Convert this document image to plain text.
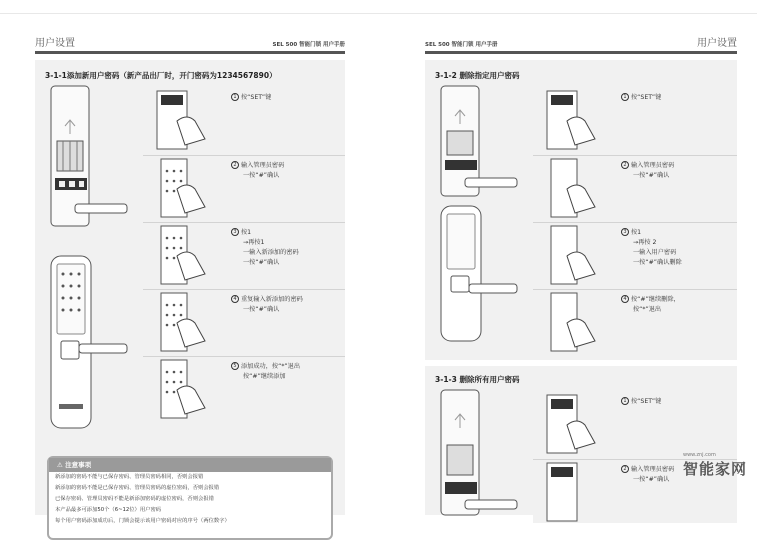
用户设置	SEL 500 智能门锁 用户手册
3-1-1添加新用户密码（新产品出厂时，开门密码为1234567890）
1 按“SET”键
2 输入管理员密码
一按“#”确认
3 按1
→再按1
一输入新添加的密码
一按“#”确认
4 重复输入新添加的密码
一按“#”确认
5 添加成功，按“*”退出
按“#”继续添加
⚠ 注意事项
新添加的密码不能与已保存密码、管理员密码相同，否则会报错
新添加的密码不能是已保存密码、管理员密码的虚位密码，否则会报错
已保存密码、管理员密码不能是新添加密码的虚位密码，否则会报错
本产品最多可添加50个（6~12位）用户密码
每个用户密码添加成功后，门锁会提示该用户密码对应的序号（两位数字）
SEL 500 智能门锁 用户手册	用户设置
3-1-2 删除指定用户密码
1 按“SET”键
2 输入管理员密码
一按“#”确认
3 按1
→再按 2
一输入用户密码
一按“#”确认删除
4 按“#”继续删除，
按“*”退出
3-1-3 删除所有用户密码
1 按“SET”键
2 输入管理员密码
一按“#”确认
www.znj.com
智能家网
